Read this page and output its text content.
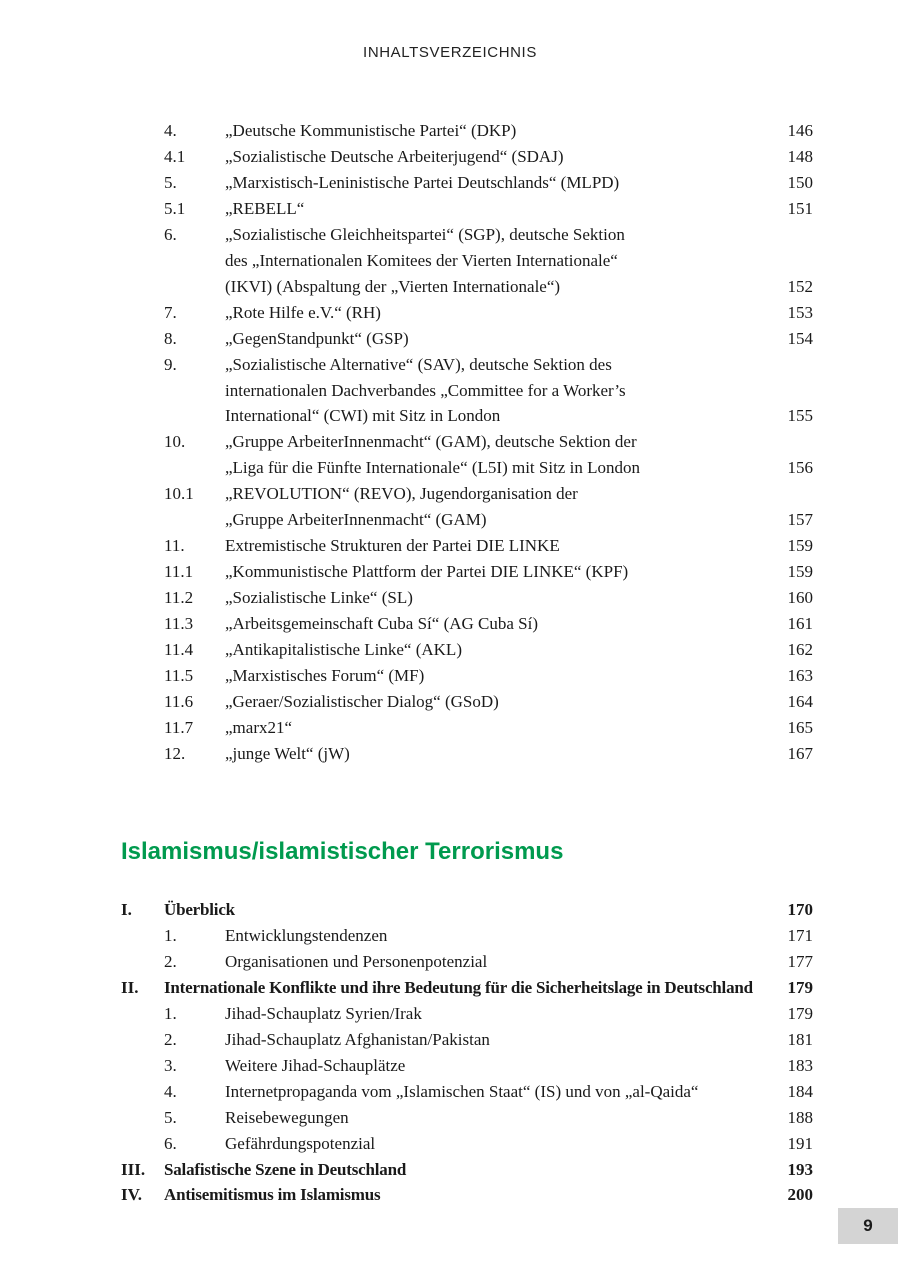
INHALTSVERZEICHNIS
4.	„Deutsche Kommunistische Partei“ (DKP)	146
4.1 „Sozialistische Deutsche Arbeiterjugend“ (SDAJ)	148
5.	„Marxistisch-Leninistische Partei Deutschlands“ (MLPD)	150
5.1 „REBELL“	151
6.	„Sozialistische Gleichheitspartei“ (SGP), deutsche Sektion
des „Internationalen Komitees der Vierten Internationale“
(IKVI) (Abspaltung der „Vierten Internationale“)	152
7.	„Rote Hilfe e.V.“ (RH)	153
8.	„GegenStandpunkt“ (GSP)	154
9.	„Sozialistische Alternative“ (SAV), deutsche Sektion des
internationalen Dachverbandes „Committee for a Worker’s
International“ (CWI) mit Sitz in London	155
10. „Gruppe ArbeiterInnenmacht“ (GAM), deutsche Sektion der
„Liga für die Fünfte Internationale“ (L5I) mit Sitz in London	156
10.1 „REVOLUTION“ (REVO), Jugendorganisation der
„Gruppe ArbeiterInnenmacht“ (GAM)	157
11. Extremistische Strukturen der Partei DIE LINKE	159
11.1 „Kommunistische Plattform der Partei DIE LINKE“ (KPF)	159
11.2 „Sozialistische Linke“ (SL)	160
11.3 „Arbeitsgemeinschaft Cuba Sí“ (AG Cuba Sí)	161
11.4 „Antikapitalistische Linke“ (AKL)	162
11.5 „Marxistisches Forum“ (MF)	163
11.6 „Geraer/Sozialistischer Dialog“ (GSoD)	164
11.7 „marx21“	165
12. „junge Welt“ (jW)	167
Islamismus/islamistischer Terrorismus
I. Überblick	170
1.	Entwicklungstendenzen	171
2.	Organisationen und Personenpotenzial	177
II. Internationale Konflikte und ihre Bedeutung für die Sicherheitslage in Deutschland 179
1.	Jihad-Schauplatz Syrien/Irak	179
2.	Jihad-Schauplatz Afghanistan/Pakistan	181
3.	Weitere Jihad-Schauplätze	183
4.	Internetpropaganda vom „Islamischen Staat“ (IS) und von „al-Qaida“	184
5.	Reisebewegungen	188
6.	Gefährdungspotenzial	191
III. Salafistische Szene in Deutschland	193
IV. Antisemitismus im Islamismus	200
9
